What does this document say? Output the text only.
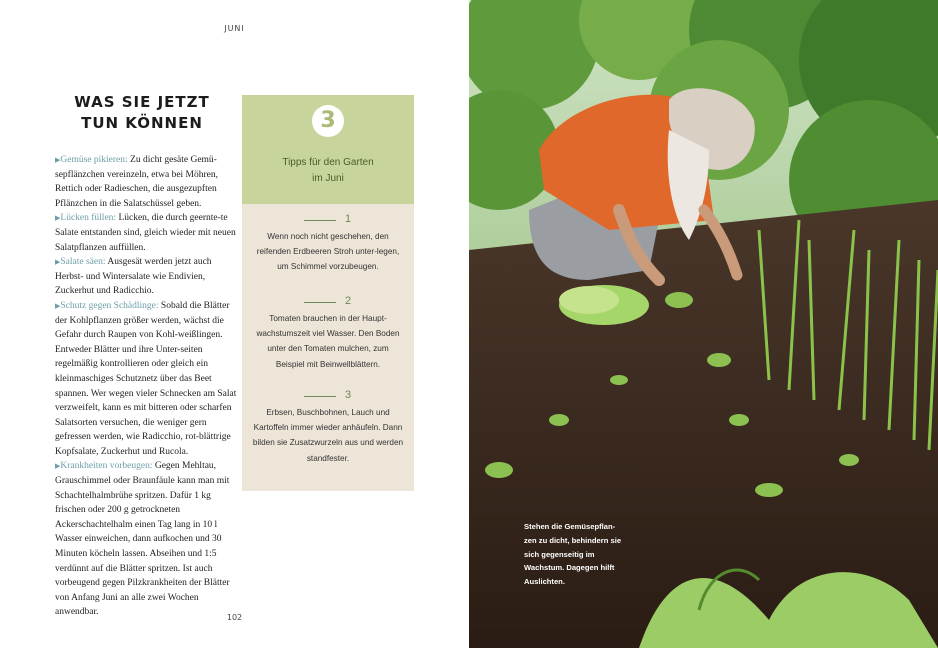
JUNI
WAS SIE JETZT
TUN KÖNNEN
▶Gemüse pikieren: Zu dicht gesäte Gemü-sepflänzchen vereinzeln, etwa bei Möhren, Rettich oder Radieschen, die ausgezupften Pflänzchen in die Salatschüssel geben.
▶Lücken füllen: Lücken, die durch geernte-te Salate entstanden sind, gleich wieder mit neuen Salatpflanzen auffüllen.
▶Salate säen: Ausgesät werden jetzt auch Herbst- und Wintersalate wie Endivien, Zuckerhut und Radicchio.
▶Schutz gegen Schädlinge: Sobald die Blätter der Kohlpflanzen größer werden, wächst die Gefahr durch Raupen von Kohl-weißlingen. Entweder Blätter und ihre Unter-seiten regelmäßig kontrollieren oder gleich ein kleinmaschiges Schutznetz über das Beet spannen. Wer wegen vieler Schnecken am Salat verzweifelt, kann es mit bitteren oder scharfen Salatsorten versuchen, die weniger gern gefressen werden, wie Radicchio, rot-blättrige Kopfsalate, Zuckerhut und Rucola.
▶Krankheiten vorbeugen: Gegen Mehltau, Grauschimmel oder Braunfäule kann man mit Schachtelhalmbrühe spritzen. Dafür 1 kg frischen oder 200 g getrockneten Ackerschachtelhalm einen Tag lang in 10 l Wasser einweichen, dann aufkochen und 30 Minuten köcheln lassen. Abseihen und 1:5 verdünnt auf die Blätter spritzen. Ist auch vorbeugend gegen Pilzkrankheiten der Blätter von Anfang Juni an alle zwei Wochen anwendbar.
3
Tipps für den Garten
im Juni
1
Wenn noch nicht geschehen, den reifenden Erdbeeren Stroh unter-legen, um Schimmel vorzubeugen.
2
Tomaten brauchen in der Haupt-wachstumszeit viel Wasser. Den Boden unter den Tomaten mulchen, zum Beispiel mit Beinwellblättern.
3
Erbsen, Buschbohnen, Lauch und Kartoffeln immer wieder anhäufeln. Dann bilden sie Zusatzwurzeln aus und werden standfester.
102
Stehen die Gemüsepflan-zen zu dicht, behindern sie sich gegenseitig im Wachstum. Dagegen hilft Auslichten.
